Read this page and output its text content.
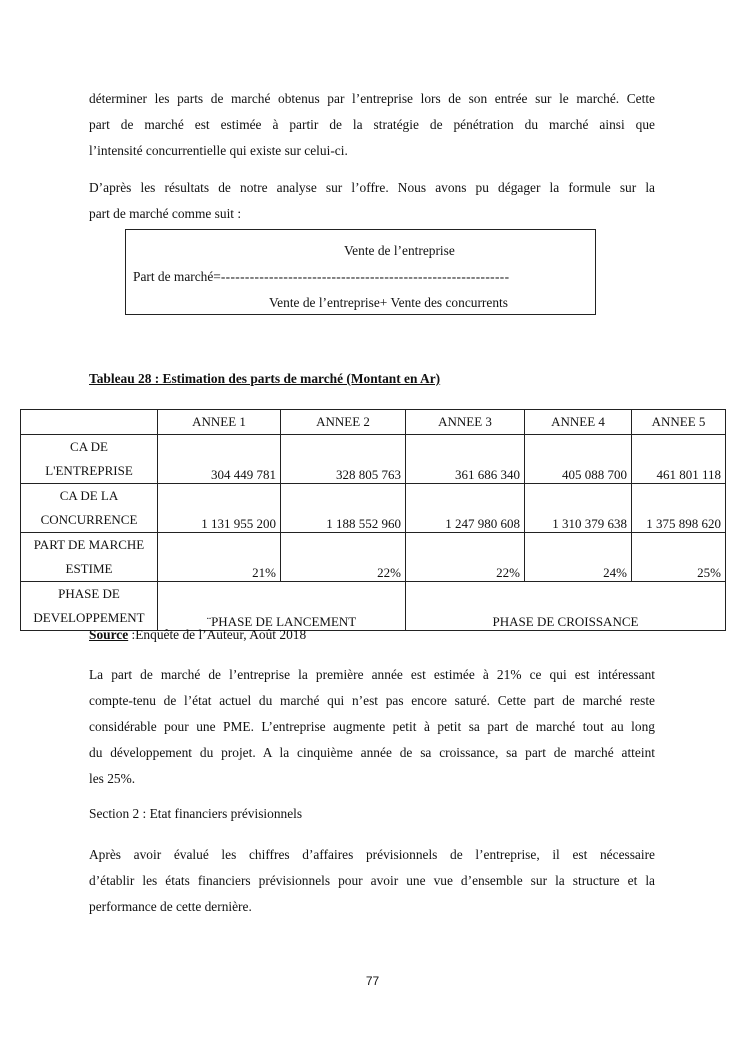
déterminer les parts de marché obtenus par l’entreprise lors de son entrée sur le marché. Cette
part de marché est estimée à partir de la stratégie de pénétration du marché ainsi que
l’intensité concurrentielle qui existe sur celui-ci.

D’après les résultats de notre analyse sur l’offre. Nous avons pu dégager la formule sur la
part de marché comme suit :

Vente de l’entreprise
Part de marché=------------------------------------------------------------
Vente de l’entreprise+ Vente des concurrents

Tableau 28 : Estimation des parts de marché (Montant en Ar)

	ANNEE 1	ANNEE 2	ANNEE 3	ANNEE 4	ANNEE 5

CA DE
L'ENTREPRISE	304 449 781	328 805 763	361 686 340	405 088 700	461 801 118

CA DE LA
CONCURRENCE	1 131 955 200	1 188 552 960	1 247 980 608	1 310 379 638	1 375 898 620

PART DE MARCHE
ESTIME	21%	22%	22%	24%	25%

PHASE DE
DEVELOPPEMENT	¨PHASE DE LANCEMENT		PHASE DE CROISSANCE		

Source :Enquête de l’Auteur, Août 2018

La part de marché de l’entreprise la première année est estimée à 21% ce qui est intéressant
compte-tenu de l’état actuel du marché qui n’est pas encore saturé. Cette part de marché reste
considérable pour une PME. L’entreprise augmente petit à petit sa part de marché tout au long
du développement du projet. A la cinquième année de sa croissance, sa part de marché atteint
les 25%.

Section 2 : Etat financiers prévisionnels

Après avoir évalué les chiffres d’affaires prévisionnels de l’entreprise, il est nécessaire
d’établir les états financiers prévisionnels pour avoir une vue d’ensemble sur la structure et la
performance de cette dernière.

77
